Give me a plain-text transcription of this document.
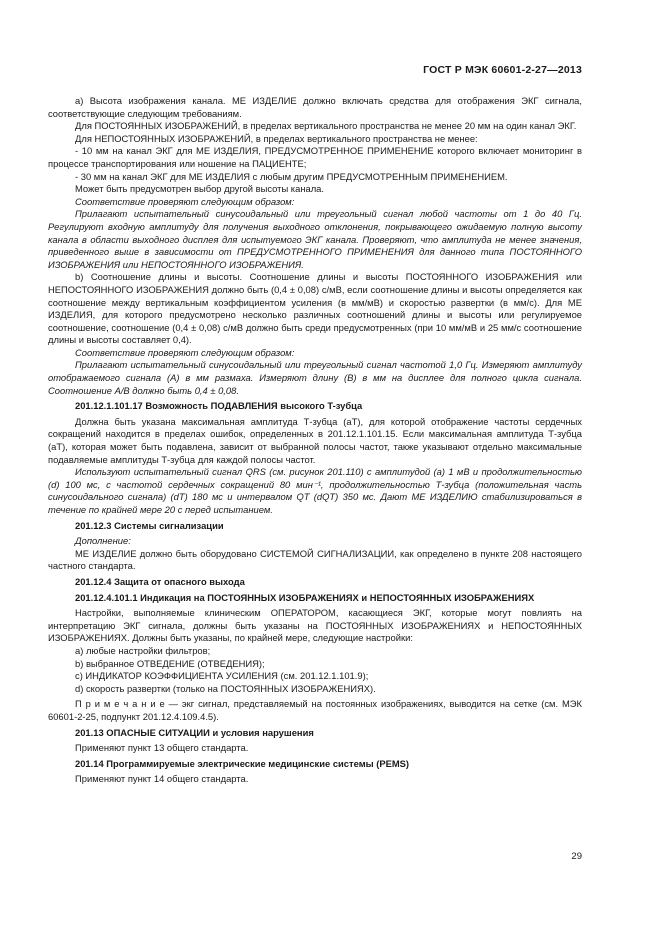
ГОСТ Р МЭК 60601-2-27—2013

а) Высота изображения канала. МЕ ИЗДЕЛИЕ должно включать средства для отображения ЭКГ сигнала, соответствующие следующим требованиям.

Для ПОСТОЯННЫХ ИЗОБРАЖЕНИЙ, в пределах вертикального пространства не менее 20 мм на один канал ЭКГ.

Для НЕПОСТОЯННЫХ ИЗОБРАЖЕНИЙ, в пределах вертикального пространства не менее:

- 10 мм на канал ЭКГ для МЕ ИЗДЕЛИЯ, ПРЕДУСМОТРЕННОЕ ПРИМЕНЕНИЕ которого включает мониторинг в процессе транспортирования или ношение на ПАЦИЕНТЕ;

- 30 мм на канал ЭКГ для МЕ ИЗДЕЛИЯ с любым другим ПРЕДУСМОТРЕННЫМ ПРИМЕНЕНИЕМ.

Может быть предусмотрен выбор другой высоты канала.

Соответствие проверяют следующим образом:

Прилагают испытательный синусоидальный или треугольный сигнал любой частоты от 1 до 40 Гц. Регулируют входную амплитуду для получения выходного отклонения, покрывающего ожидаемую полную высоту канала в области выходного дисплея для испытуемого ЭКГ канала. Проверяют, что амплитуда не менее значения, приведенного выше в зависимости от ПРЕДУСМОТРЕННОГО ПРИМЕНЕНИЯ для данного типа ПОСТОЯННОГО ИЗОБРАЖЕНИЯ или НЕПОСТОЯННОГО ИЗОБРАЖЕНИЯ.

b) Соотношение длины и высоты. Соотношение длины и высоты ПОСТОЯННОГО ИЗОБРАЖЕНИЯ или НЕПОСТОЯННОГО ИЗОБРАЖЕНИЯ должно быть (0,4 ± 0,08) с/мВ, если соотношение длины и высоты определяется как соотношение между вертикальным коэффициентом усиления (в мм/мВ) и скоростью развертки (в мм/с). Для МЕ ИЗДЕЛИЯ, для которого предусмотрено несколько различных соотношений длины и высоты или регулируемое соотношение, соотношение (0,4 ± 0,08) с/мВ должно быть среди предусмотренных (при 10 мм/мВ и 25 мм/с соотношение длины и высоты составляет 0,4).

Соответствие проверяют следующим образом:

Прилагают испытательный синусоидальный или треугольный сигнал частотой 1,0 Гц. Измеряют амплитуду отображаемого сигнала (А) в мм размаха. Измеряют длину (В) в мм на дисплее для полного цикла сигнала. Соотношение А/В должно быть 0,4 ± 0,08.

201.12.1.101.17 Возможность ПОДАВЛЕНИЯ высокого T-зубца

Должна быть указана максимальная амплитуда Т-зубца (aT), для которой отображение частоты сердечных сокращений находится в пределах ошибок, определенных в 201.12.1.101.15. Если максимальная амплитуда Т-зубца (aT), которая может быть подавлена, зависит от выбранной полосы частот, также указывают отдельно максимальные подавляемые амплитуды Т-зубца для каждой полосы частот.

Используют испытательный сигнал QRS (см. рисунок 201.110) с амплитудой (а) 1 мВ и продолжительностью (d) 100 мс, с частотой сердечных сокращений 80 мин⁻¹, продолжительностью Т-зубца (положительная часть синусоидального сигнала) (dT) 180 мс и интервалом QT (dQT) 350 мс. Дают МЕ ИЗДЕЛИЮ стабилизироваться в течение по крайней мере 20 с перед испытанием.

201.12.3 Системы сигнализации

Дополнение:

МЕ ИЗДЕЛИЕ должно быть оборудовано СИСТЕМОЙ СИГНАЛИЗАЦИИ, как определено в пункте 208 настоящего частного стандарта.

201.12.4 Защита от опасного выхода

201.12.4.101.1 Индикация на ПОСТОЯННЫХ ИЗОБРАЖЕНИЯХ и НЕПОСТОЯННЫХ ИЗОБРАЖЕНИЯХ

Настройки, выполняемые клиническим ОПЕРАТОРОМ, касающиеся ЭКГ, которые могут повлиять на интерпретацию ЭКГ сигнала, должны быть указаны на ПОСТОЯННЫХ ИЗОБРАЖЕНИЯХ и НЕПОСТОЯННЫХ ИЗОБРАЖЕНИЯХ. Должны быть указаны, по крайней мере, следующие настройки:

а) любые настройки фильтров;

b) выбранное ОТВЕДЕНИЕ (ОТВЕДЕНИЯ);

c) ИНДИКАТОР КОЭФФИЦИЕНТА УСИЛЕНИЯ (см. 201.12.1.101.9);

d) скорость развертки (только на ПОСТОЯННЫХ ИЗОБРАЖЕНИЯХ).

П р и м е ч а н и е — экг сигнал, представляемый на постоянных изображениях, выводится на сетке (см. МЭК 60601-2-25, подпункт 201.12.4.109.4.5).

201.13 ОПАСНЫЕ СИТУАЦИИ и условия нарушения

Применяют пункт 13 общего стандарта.

201.14 Программируемые электрические медицинские системы (PEMS)

Применяют пункт 14 общего стандарта.

29
